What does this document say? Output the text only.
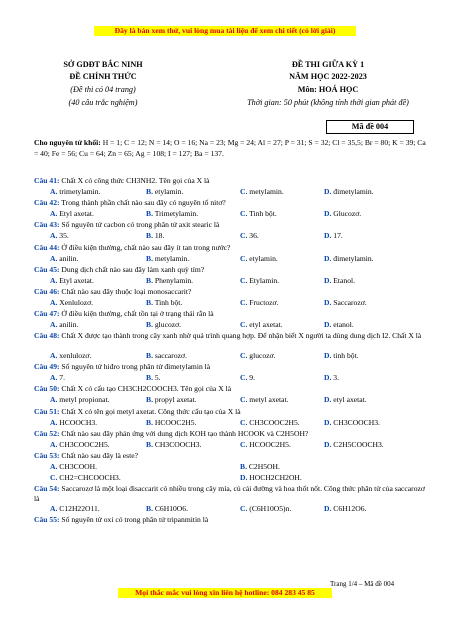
Đây là bản xem thử, vui lòng mua tài liệu để xem chi tiết (có lời giải)
SỞ GDĐT BẮC NINH
ĐỀ CHÍNH THỨC
(Đề thi có 04 trang)
(40 câu trắc nghiệm)
ĐỀ THI GIỮA KỲ 1
NĂM HỌC 2022-2023
Môn: HOÁ HỌC
Thời gian: 50 phút (không tính thời gian phát đề)
Mã đề 004
Cho nguyên tử khối: H = 1; C = 12; N = 14; O = 16; Na = 23; Mg = 24; Al = 27; P = 31; S = 32; Cl = 35,5; Br = 80; K = 39; Ca = 40; Fe = 56; Cu = 64; Zn = 65; Ag = 108; I = 127; Ba = 137.
Câu 41: Chất X có công thức CH3NH2. Tên gọi của X là
A. trimetylamin.	B. etylamin.	C. metylamin.	D. đimetylamin.
Câu 42: Trong thành phần chất nào sau đây có nguyên tố nitơ?
A. Etyl axetat.	B. Trimetylamin.	C. Tinh bột.	D. Glucozơ.
Câu 43: Số nguyên tử cacbon có trong phân tử axit stearic là
A. 35.	B. 18.	C. 36.	D. 17.
Câu 44: Ở điều kiện thường, chất nào sau đây ít tan trong nước?
A. anilin.	B. metylamin.	C. etylamin.	D. đimetylamin.
Câu 45: Dung dịch chất nào sau đây làm xanh quỳ tím?
A. Etyl axetat.	B. Phenylamin.	C. Etylamin.	D. Etanol.
Câu 46: Chất nào sau đây thuộc loại monosaccarit?
A. Xenlulozơ.	B. Tinh bột.	C. Fructozơ.	D. Saccarozơ.
Câu 47: Ở điều kiện thường, chất tồn tại ở trạng thái rắn là
A. anilin.	B. glucozơ.	C. etyl axetat.	D. etanol.
Câu 48: Chất X được tạo thành trong cây xanh nhờ quá trình quang hợp. Để nhận biết X người ta dùng dung dịch I2. Chất X là
A. xenlulozơ.	B. saccarozơ.	C. glucozơ.	D. tinh bột.
Câu 49: Số nguyên tử hiđro trong phân tử đimetylamin là
A. 7.	B. 5.	C. 9.	D. 3.
Câu 50: Chất X có cấu tạo CH3CH2COOCH3. Tên gọi của X là
A. metyl propionat.	B. propyl axetat.	C. metyl axetat.	D. etyl axetat.
Câu 51: Chất X có tên gọi metyl axetat. Công thức cấu tạo của X là
A. HCOOCH3.	B. HCOOC2H5.	C. CH3COOC2H5.	D. CH3COOCH3.
Câu 52: Chất nào sau đây phản ứng với dung dịch KOH tạo thành HCOOK và C2H5OH?
A. CH3COOC2H5.	B. CH3COOCH3.	C. HCOOC2H5.	D. C2H5COOCH3.
Câu 53: Chất nào sau đây là este?
A. CH3COOH.	B. C2H5OH.
C. CH2=CHCOOCH3.	D. HOCH2CH2OH.
Câu 54: Saccarozơ là một loại đisaccarit có nhiều trong cây mía, củ cải đường và hoa thốt nốt. Công thức phân tử của saccarozơ là
A. C12H22O11.	B. C6H10O6.	C. (C6H10O5)n.	D. C6H12O6.
Câu 55: Số nguyên tử oxi có trong phân tử tripanmitin là
Trang 1/4 – Mã đề 004
Mọi thắc mắc vui lòng xin liên hệ hotline: 084 283 45 85
